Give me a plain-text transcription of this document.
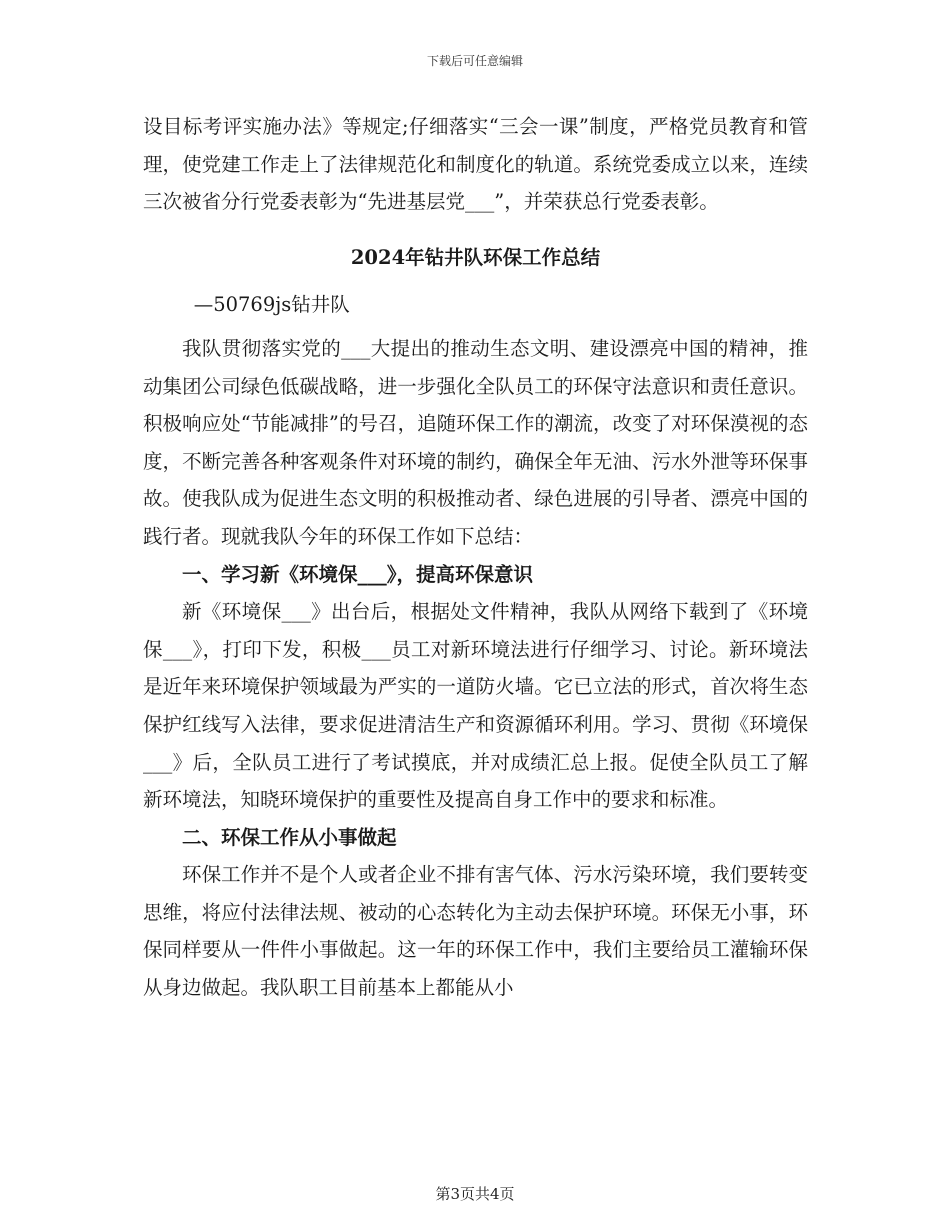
下载后可任意编辑

设目标考评实施办法》等规定;仔细落实“三会一课”制度，严格党员教育和管理，使党建工作走上了法律规范化和制度化的轨道。系统党委成立以来，连续三次被省分行党委表彰为“先进基层党___”，并荣获总行党委表彰。

2024年钻井队环保工作总结

—50769js钻井队

我队贯彻落实党的___大提出的推动生态文明、建设漂亮中国的精神，推动集团公司绿色低碳战略，进一步强化全队员工的环保守法意识和责任意识。积极响应处“节能减排”的号召，追随环保工作的潮流，改变了对环保漠视的态度，不断完善各种客观条件对环境的制约，确保全年无油、污水外泄等环保事故。使我队成为促进生态文明的积极推动者、绿色进展的引导者、漂亮中国的践行者。现就我队今年的环保工作如下总结：

一、学习新《环境保___》，提高环保意识

新《环境保___》出台后，根据处文件精神，我队从网络下载到了《环境保___》，打印下发，积极___员工对新环境法进行仔细学习、讨论。新环境法是近年来环境保护领域最为严实的一道防火墙。它已立法的形式，首次将生态保护红线写入法律，要求促进清洁生产和资源循环利用。学习、贯彻《环境保___》后，全队员工进行了考试摸底，并对成绩汇总上报。促使全队员工了解新环境法，知晓环境保护的重要性及提高自身工作中的要求和标准。

二、环保工作从小事做起

环保工作并不是个人或者企业不排有害气体、污水污染环境，我们要转变思维，将应付法律法规、被动的心态转化为主动去保护环境。环保无小事，环保同样要从一件件小事做起。这一年的环保工作中，我们主要给员工灌输环保从身边做起。我队职工目前基本上都能从小

第3页共4页
